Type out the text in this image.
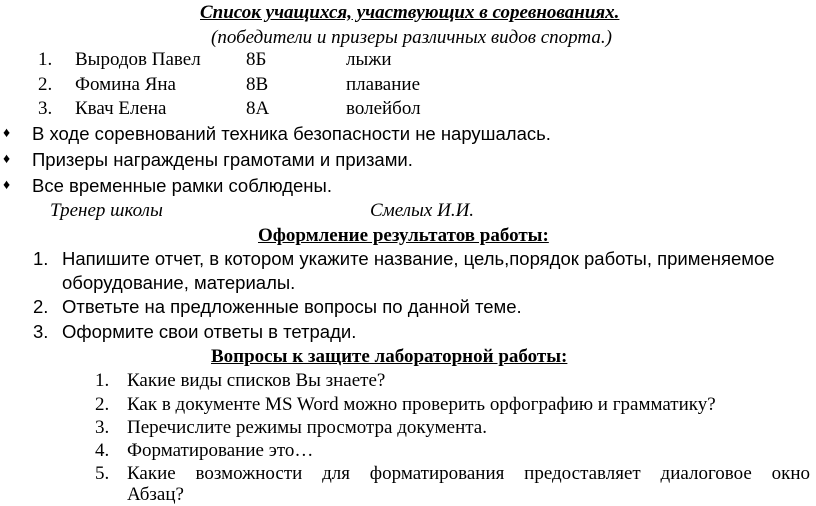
Список учащихся, участвующих в соревнованиях.
(победители и призеры различных видов спорта.)
1. Выродов Павел 8Б	лыжи
2. Фомина Яна	8В	плавание
3. Квач Елена	8А	волейбол
♦ В ходе соревнований техника безопасности не нарушалась.
♦ Призеры награждены грамотами и призами.
♦ Все временные рамки соблюдены.
Тренер школы	Смелых И.И.
Оформление результатов работы:
1. Напишите отчет, в котором укажите название, цель,порядок работы, применяемое
оборудование, материалы.
2. Ответьте на предложенные вопросы по данной теме.
3. Оформите свои ответы в тетради.
Вопросы к защите лабораторной работы:
1. Какие виды списков Вы знаете?
2. Как в документе MS Word можно проверить орфографию и грамматику?
3. Перечислите режимы просмотра документа.
4. Форматирование это…
5. Какие возможности для форматирования предоставляет диалоговое окно
Абзац?
